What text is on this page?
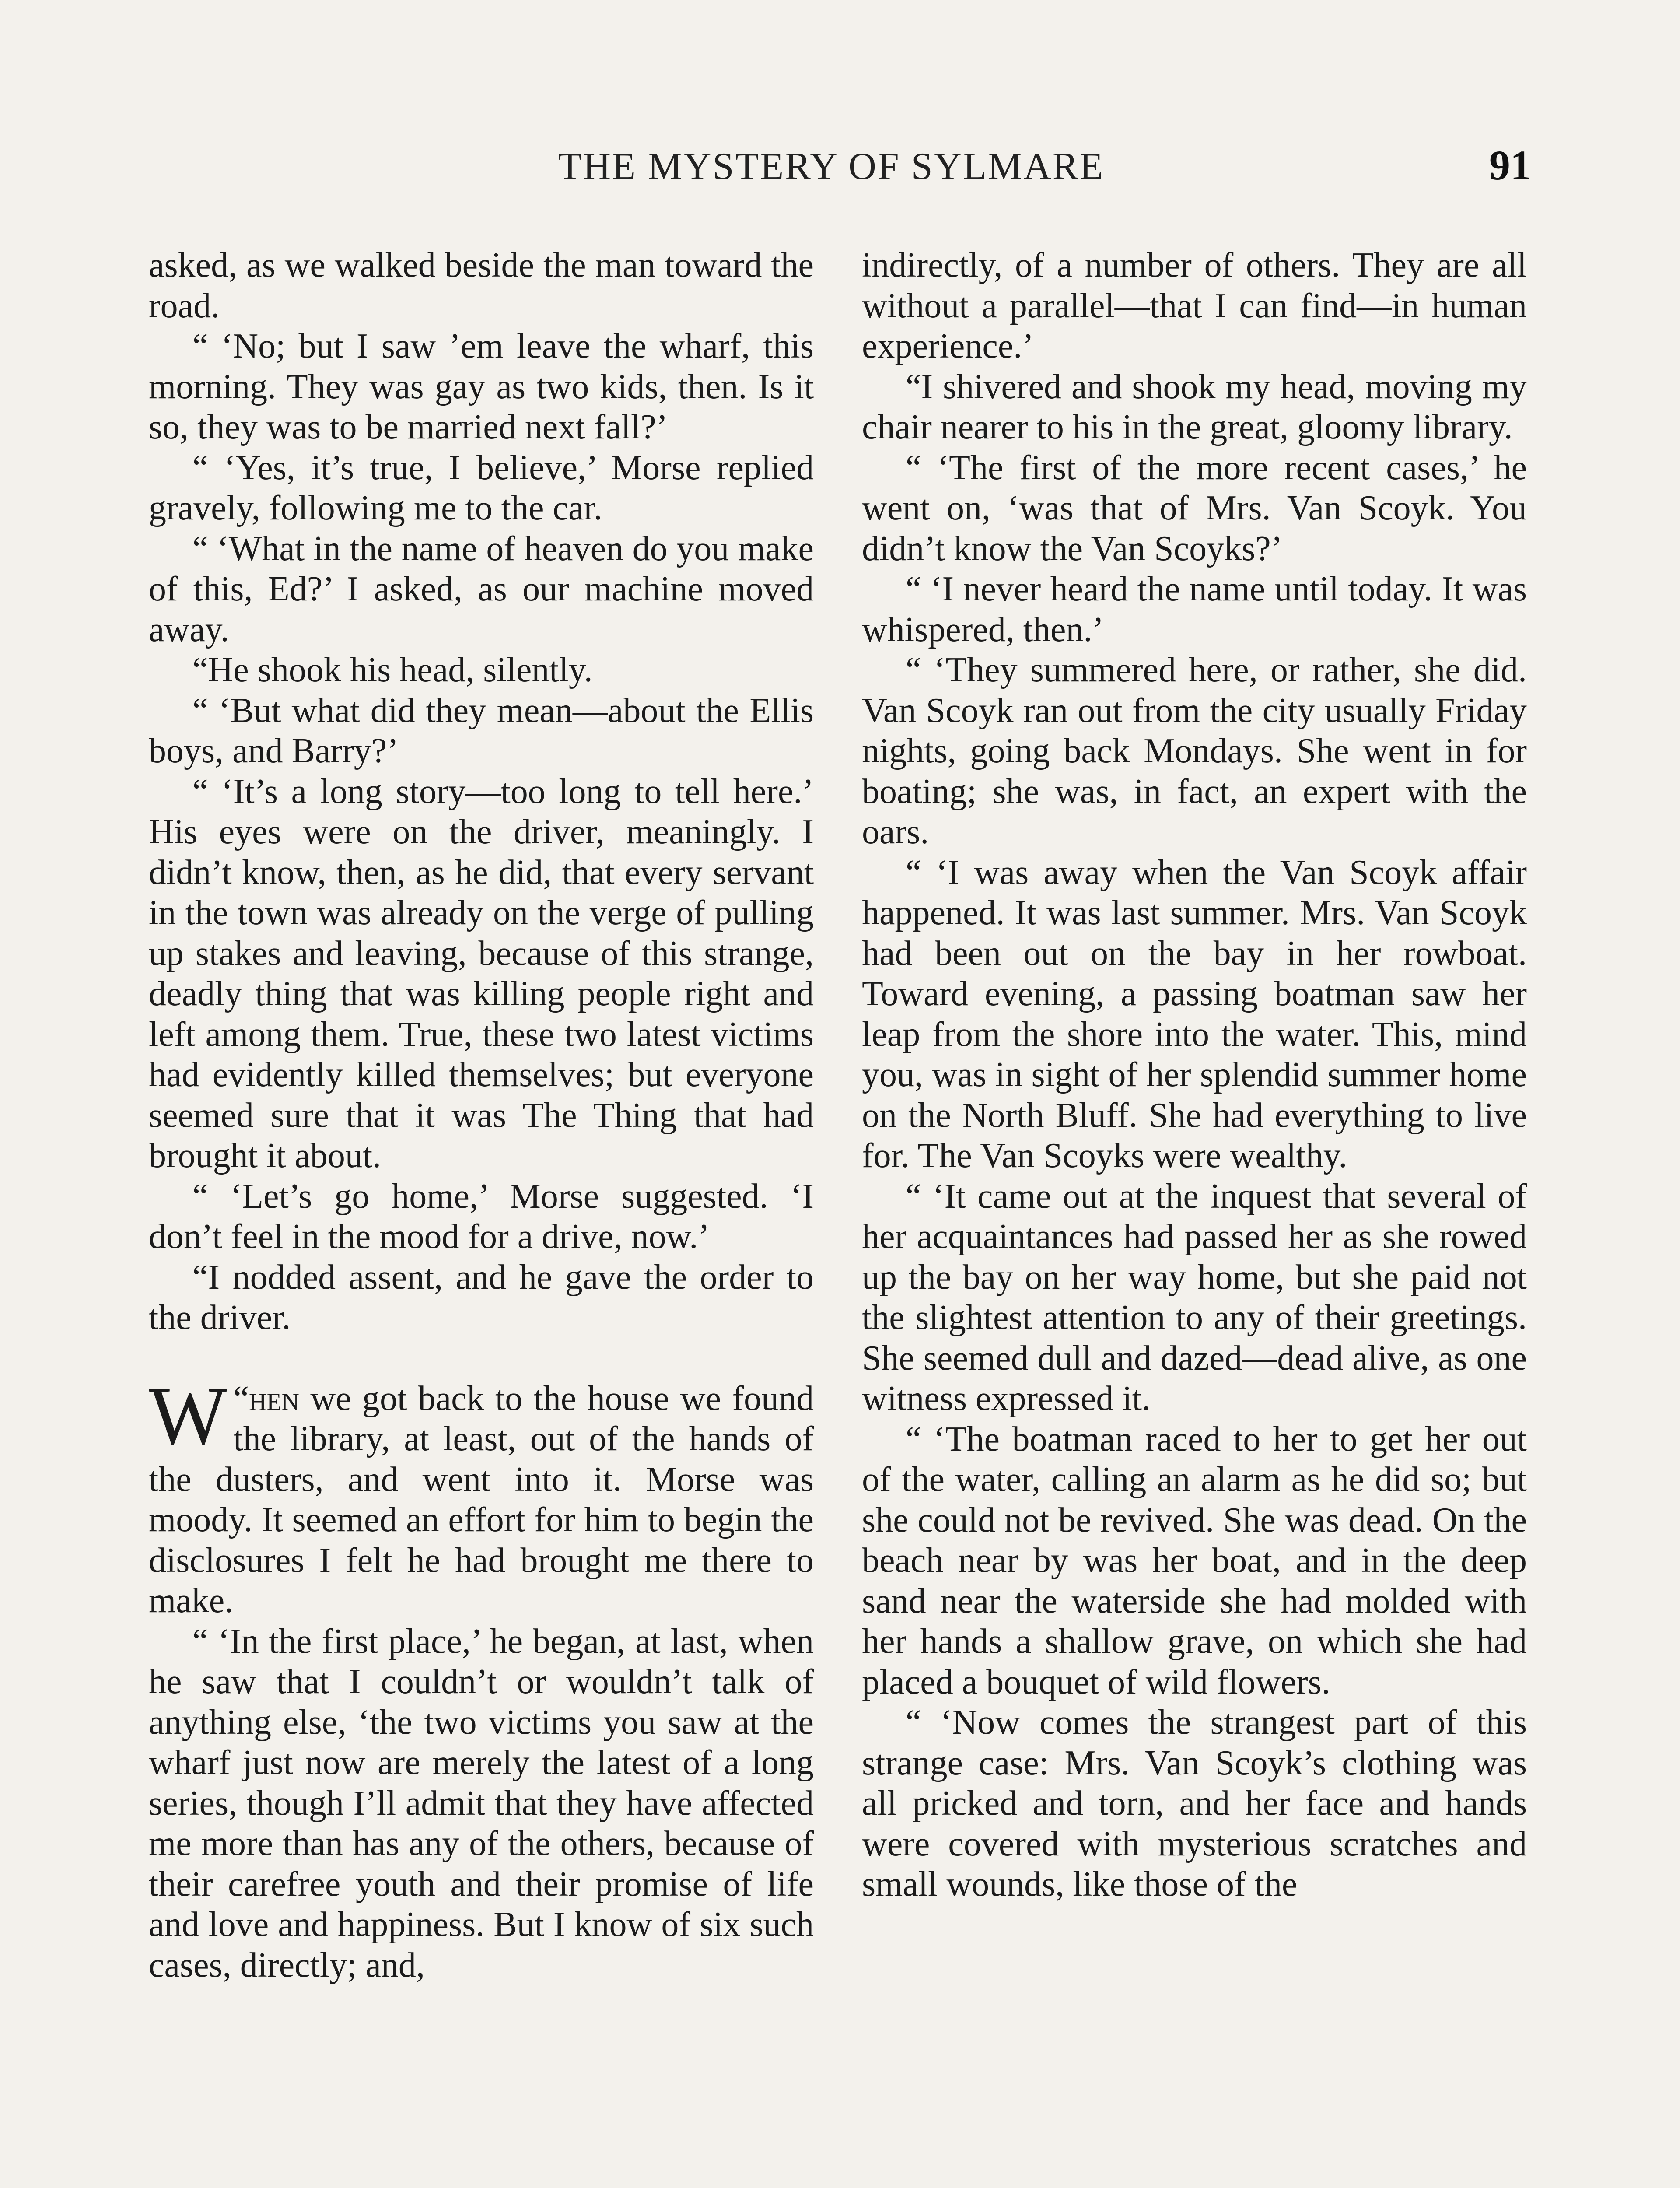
THE MYSTERY OF SYLMARE	91

asked, as we walked beside the man toward the road.

“ ‘No; but I saw ’em leave the wharf, this morning. They was gay as two kids, then. Is it so, they was to be married next fall?’

“ ‘Yes, it’s true, I believe,’ Morse replied gravely, following me to the car.

“ ‘What in the name of heaven do you make of this, Ed?’ I asked, as our machine moved away.

“He shook his head, silently.

“ ‘But what did they mean—about the Ellis boys, and Barry?’

“ ‘It’s a long story—too long to tell here.’ His eyes were on the driver, meaningly. I didn’t know, then, as he did, that every servant in the town was already on the verge of pulling up stakes and leaving, because of this strange, deadly thing that was killing people right and left among them. True, these two latest victims had evidently killed themselves; but everyone seemed sure that it was The Thing that had brought it about.

“ ‘Let’s go home,’ Morse suggested. ‘I don’t feel in the mood for a drive, now.’

“I nodded assent, and he gave the order to the driver.

“
W hen we got back to the house we found the library, at least, out of the hands of the dusters, and went into it. Morse was moody. It seemed an effort for him to begin the disclosures I felt he had brought me there to make.

“ ‘In the first place,’ he began, at last, when he saw that I couldn’t or wouldn’t talk of anything else, ‘the two victims you saw at the wharf just now are merely the latest of a long series, though I’ll admit that they have affected me more than has any of the others, because of their carefree youth and their promise of life and love and happiness. But I know of six such cases, directly; and,

indirectly, of a number of others. They are all without a parallel—that I can find—in human experience.’

“I shivered and shook my head, moving my chair nearer to his in the great, gloomy library.

“ ‘The first of the more recent cases,’ he went on, ‘was that of Mrs. Van Scoyk. You didn’t know the Van Scoyks?’

“ ‘I never heard the name until today. It was whispered, then.’

“ ‘They summered here, or rather, she did. Van Scoyk ran out from the city usually Friday nights, going back Mondays. She went in for boating; she was, in fact, an expert with the oars.

“ ‘I was away when the Van Scoyk affair happened. It was last summer. Mrs. Van Scoyk had been out on the bay in her rowboat. Toward evening, a passing boatman saw her leap from the shore into the water. This, mind you, was in sight of her splendid summer home on the North Bluff. She had everything to live for. The Van Scoyks were wealthy.

“ ‘It came out at the inquest that several of her acquaintances had passed her as she rowed up the bay on her way home, but she paid not the slightest attention to any of their greetings. She seemed dull and dazed—dead alive, as one witness expressed it.

“ ‘The boatman raced to her to get her out of the water, calling an alarm as he did so; but she could not be revived. She was dead. On the beach near by was her boat, and in the deep sand near the waterside she had molded with her hands a shallow grave, on which she had placed a bouquet of wild flowers.

“ ‘Now comes the strangest part of this strange case: Mrs. Van Scoyk’s clothing was all pricked and torn, and her face and hands were covered with mysterious scratches and small wounds, like those of the
